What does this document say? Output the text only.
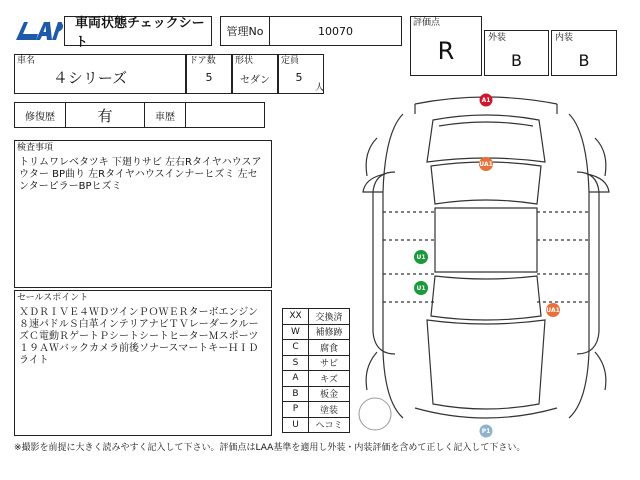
車両状態チェックシート
管理No	10070
評価点
R	外装
B
内装
B
車名
４シリーズ
ドア数
5
形状
セダン
定員
5
人
修復歴	有	車歴
検査事項
トリムワレベタツキ 下廻りサビ 左右Rタイヤハウスアウター BP曲り 左Rタイヤハウスインナーヒズミ 左センターピラーBPヒズミ
セールスポイント
ＸＤＲＩＶＥ４ＷＤツインＰＯＷＥＲターボエンジン８速パドルＳ白革インテリアナビＴＶレーダークルーズＣ電動ＲゲートＰシートシートヒーターＭスポーツ１９ＡＷバックカメラ前後ソナースマートキーＨＩＤライト
XX	交換済
W	補修跡
C	腐食
S	サビ
A	キズ
B	板金
P	塗装
U	ヘコミ
A1
UA1
U1
U1
UA1
P1
※撮影を前提に大きく読みやすく記入して下さい。評価点はLAA基準を適用し外装・内装評価を含めて正しく記入して下さい。
